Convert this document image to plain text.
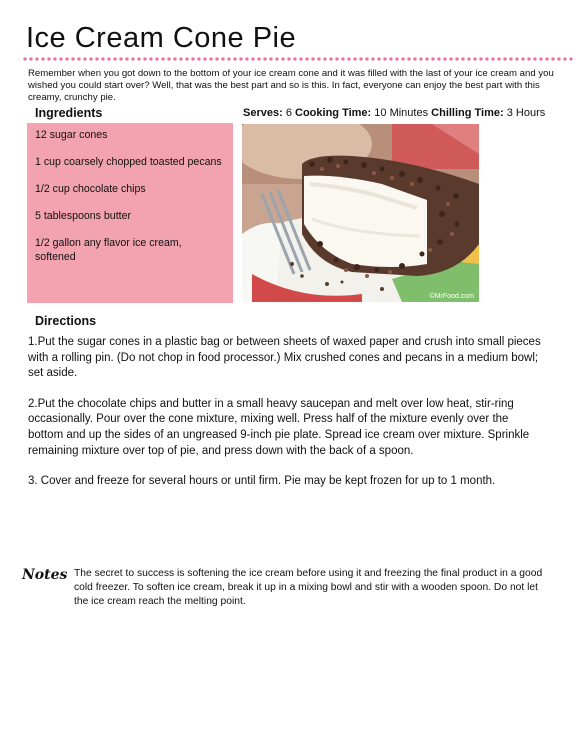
Ice Cream Cone Pie

Remember when you got down to the bottom of your ice cream cone and it was filled with the last of your ice cream and you wished you could start over? Well, that was the best part and so is this. In fact, everyone can enjoy the best part with this creamy, crunchy pie.

Ingredients	Serves: 6 Cooking Time: 10 Minutes Chilling Time: 3 Hours
12 sugar cones
1 cup coarsely chopped toasted pecans
1/2 cup chocolate chips
5 tablespoons butter
1/2 gallon any flavor ice cream, softened
©MrFood.com
Directions

1.Put the sugar cones in a plastic bag or between sheets of waxed paper and crush into small pieces with a rolling pin. (Do not chop in food processor.) Mix crushed cones and pecans in a medium bowl; set aside.

2.Put the chocolate chips and butter in a small heavy saucepan and melt over low heat, stir-ring occasionally. Pour over the cone mixture, mixing well. Press half of the mixture evenly over the bottom and up the sides of an ungreased 9-inch pie plate. Spread ice cream over mixture. Sprinkle remaining mixture over top of pie, and press down with the back of a spoon.

3. Cover and freeze for several hours or until firm. Pie may be kept frozen for up to 1 month.

Notes The secret to success is softening the ice cream before using it and freezing the final product in a good cold freezer. To soften ice cream, break it up in a mixing bowl and stir with a wooden spoon. Do not let the ice cream reach the melting point.
